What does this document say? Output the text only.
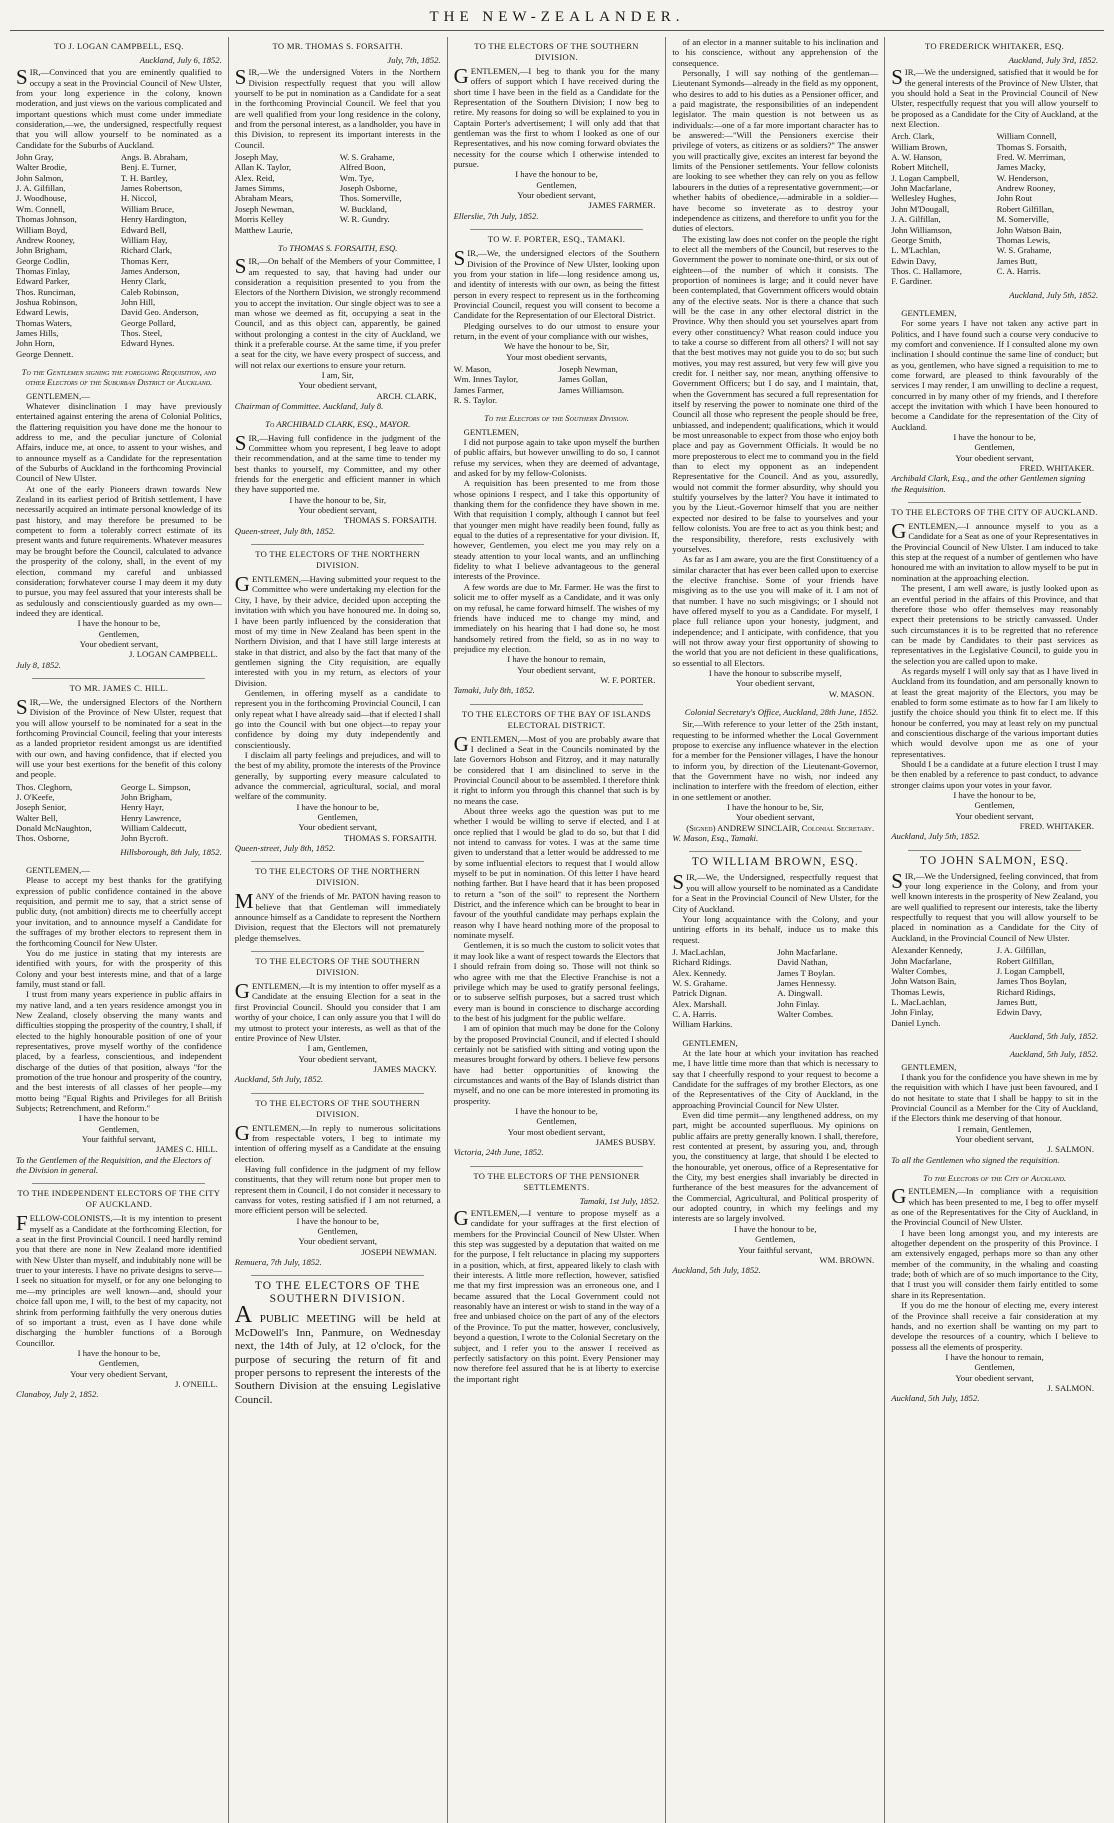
THE NEW-ZEALANDER.
TO J. LOGAN CAMPBELL, ESQ.
Auckland, July 6, 1852.

SIR,—Convinced that you are eminently qualified to occupy a seat in the Provincial Council of New Ulster, from your long experience in the colony, known moderation, and just views on the various complicated and important questions which must come under immediate consideration,—we, the undersigned, respectfully request that you will allow yourself to be nominated as a Candidate for the Suburbs of Auckland.

John Gray,	Angs. B. Abraham,
Walter Brodie,	Benj. E. Turner,
John Salmon,	T. H. Bartley,
J. A. Gilfillan,	James Robertson,
J. Woodhouse,	H. Niccol,
Wm. Connell,	William Bruce,
Thomas Johnson,	Henry Hardington,
William Boyd,	Edward Bell,
Andrew Rooney,	William Hay,
John Brigham,	Richard Clark,
George Codlin,	Thomas Kerr,
Thomas Finlay,	James Anderson,
Edward Parker,	Henry Clark,
Thos. Runciman,	Caleb Robinson,
Joshua Robinson,	John Hill,
Edward Lewis,	David Geo. Anderson,
Thomas Waters,	George Pollard,
James Hills,	Thos. Steel,
John Horn,	Edward Hynes.
George Dennett.
To the Gentlemen signing the foregoing Requisition, and other Electors of the Suburban District of Auckland.

GENTLEMEN,—

Whatever disinclination I may have previously entertained against entering the arena of Colonial Politics, the flattering requisition you have done me the honour to address to me, and the peculiar juncture of Colonial Affairs, induce me, at once, to assent to your wishes, and to announce myself as a Candidate for the representation of the Suburbs of Auckland in the forthcoming Provincial Council of New Ulster.

At one of the early Pioneers drawn towards New Zealand in its earliest period of British settlement, I have necessarily acquired an intimate personal knowledge of its past history, and may therefore be presumed to be competent to form a tolerably correct estimate of its present wants and future requirements. Whatever measures may be brought before the Council, calculated to advance the prosperity of the colony, shall, in the event of my election, command my careful and unbiassed consideration; forwhatever course I may deem it my duty to pursue, you may feel assured that your interests shall be as sedulously and conscientiously guarded as my own—indeed they are identical.

I have the honour to be,
Gentlemen,
Your obedient servant,
J. LOGAN CAMPBELL.
July 8, 1852.
TO MR. JAMES C. HILL.

SIR,—We, the undersigned Electors of the Northern Division of the Province of New Ulster, request that you will allow yourself to be nominated for a seat in the forthcoming Provincial Council, feeling that your interests as a landed proprietor resident amongst us are identified with our own, and having confidence, that if elected you will use your best exertions for the benefit of this colony and people.

Thos. Cleghorn,	George L. Simpson,
J. O'Keefe,	John Brigham,
Joseph Senior,	Henry Hayr,
Walter Bell,	Henry Lawrence,
Donald McNaughton,	William Caldecutt,
Thos. Osborne,	John Bycroft.
Hillsborough, 8th July, 1852.

GENTLEMEN,—

Please to accept my best thanks for the gratifying expression of public confidence contained in the above requisition, and permit me to say, that a strict sense of public duty, (not ambition) directs me to cheerfully accept your invitation, and to announce myself a Candidate for the suffrages of my brother electors to represent them in the forthcoming Council for New Ulster.

You do me justice in stating that my interests are identified with yours, for with the prosperity of this Colony and your best interests mine, and that of a large family, must stand or fall.

I trust from many years experience in public affairs in my native land, and a ten years residence amongst you in New Zealand, closely observing the many wants and difficulties stopping the prosperity of the country, I shall, if elected to the highly honourable position of one of your representatives, prove myself worthy of the confidence placed, by a fearless, conscientious, and independent discharge of the duties of that position, always "for the promotion of the true honour and prosperity of the country, and the best interests of all classes of her people—my motto being "Equal Rights and Privileges for all British Subjects; Retrenchment, and Reform."

I have the honour to be
Gentlemen,
Your faithful servant,
JAMES C. HILL.
To the Gentlemen of the Requisition, and the Electors of the Division in general.
TO THE INDEPENDENT ELECTORS OF THE CITY OF AUCKLAND.

FELLOW-COLONISTS,—It is my intention to present myself as a Candidate at the forthcoming Election, for a seat in the first Provincial Council. I need hardly remind you that there are none in New Zealand more identified with New Ulster than myself, and indubitably none will be truer to your interests. I have no private designs to serve—I seek no situation for myself, or for any one belonging to me—my principles are well known—and, should your choice fall upon me, I will, to the best of my capacity, not shrink from performing faithfully the very onerous duties of so important a trust, even as I have done while discharging the humbler functions of a Borough Councillor.

I have the honour to be,
Gentlemen,
Your very obedient Servant,
J. O'NEILL.
Clanaboy, July 2, 1852.
TO MR. THOMAS S. FORSAITH.
July, 7th, 1852.

SIR,—We the undersigned Voters in the Northern Division respectfully request that you will allow yourself to be put in nomination as a Candidate for a seat in the forthcoming Provincial Council. We feel that you are well qualified from your long residence in the colony, and from the personal interest, as a landholder, you have in this Division, to represent its important interests in the Council.

Joseph May,	W. S. Grahame,
Allan K. Taylor,	Alfred Boon,
Alex. Reid,	Wm. Tye,
James Simms,	Joseph Osborne,
Abraham Mears,	Thos. Somerville,
Joseph Newman,	W. Buckland,
Morris Kelley	W. R. Gundry.
Matthew Laurie,
To THOMAS S. FORSAITH, ESQ.

SIR,—On behalf of the Members of your Committee, I am requested to say, that having had under our consideration a requisition presented to you from the Electors of the Northern Division, we strongly recommend you to accept the invitation. Our single object was to see a man whose we deemed as fit, occupying a seat in the Council, and as this object can, apparently, be gained without prolonging a contest in the city of Auckland, we think it a preferable course. At the same time, if you prefer a seat for the city, we have every prospect of success, and will not relax our exertions to ensure your return.

I am, Sir,
Your obedient servant,
ARCH. CLARK,
Chairman of Committee. Auckland, July 8.
To ARCHIBALD CLARK, ESQ., MAYOR.

SIR,—Having full confidence in the judgment of the Committee whom you represent, I beg leave to adopt their recommendation, and at the same time to tender my best thanks to yourself, my Committee, and my other friends for the energetic and efficient manner in which they have supported me.

I have the honour to be, Sir,
Your obedient servant,
THOMAS S. FORSAITH.
Queen-street, July 8th, 1852.
TO THE ELECTORS OF THE NORTHERN DIVISION.

GENTLEMEN,—Having submitted your request to the Committee who were undertaking my election for the City, I have, by their advice, decided upon accepting the invitation with which you have honoured me. In doing so, I have been partly influenced by the consideration that most of my time in New Zealand has been spent in the Northern Division, and that I have still large interests at stake in that district, and also by the fact that many of the gentlemen signing the City requisition, are equally interested with you in my return, as electors of your Division.

Gentlemen, in offering myself as a candidate to represent you in the forthcoming Provincial Council, I can only repeat what I have already said—that if elected I shall go into the Council with but one object—to repay your confidence by doing my duty independently and conscientiously.

I disclaim all party feelings and prejudices, and will to the best of my ability, promote the interests of the Province generally, by supporting every measure calculated to advance the commercial, agricultural, social, and moral welfare of the community.

I have the honour to be,
Gentlemen,
Your obedient servant,
THOMAS S. FORSAITH.
Queen-street, July 8th, 1852.
TO THE ELECTORS OF THE NORTHERN DIVISION.

MANY of the friends of Mr. PATON having reason to believe that that Gentleman will immediately announce himself as a Candidate to represent the Northern Division, request that the Electors will not prematurely pledge themselves.

TO THE ELECTORS OF THE SOUTHERN DIVISION.

GENTLEMEN,—It is my intention to offer myself as a Candidate at the ensuing Election for a seat in the first Provincial Council. Should you consider that I am worthy of your choice, I can only assure you that I will do my utmost to protect your interests, as well as that of the entire Province of New Ulster.

I am, Gentlemen,
Your obedient servant,
JAMES MACKY.
Auckland, 5th July, 1852.
TO THE ELECTORS OF THE SOUTHERN DIVISION.

GENTLEMEN,—In reply to numerous solicitations from respectable voters, I beg to intimate my intention of offering myself as a Candidate at the ensuing election.

Having full confidence in the judgment of my fellow constituents, that they will return none but proper men to represent them in Council, I do not consider it necessary to canvass for votes, resting satisfied if I am not returned, a more efficient person will be selected.

I have the honour to be,
Gentlemen,
Your obedient servant,
JOSEPH NEWMAN.
Remuera, 7th July, 1852.
TO THE ELECTORS OF THE SOUTHERN DIVISION.

A PUBLIC MEETING will be held at McDowell's Inn, Panmure, on Wednesday next, the 14th of July, at 12 o'clock, for the purpose of securing the return of fit and proper persons to represent the interests of the Southern Division at the ensuing Legislative Council.

TO THE ELECTORS OF THE SOUTHERN DIVISION.

GENTLEMEN,—I beg to thank you for the many offers of support which I have received during the short time I have been in the field as a Candidate for the Representation of the Southern Division; I now beg to retire. My reasons for doing so will be explained to you in Captain Porter's advertisement; I will only add that that gentleman was the first to whom I looked as one of our Representatives, and his now coming forward obviates the necessity for the course which I otherwise intended to pursue.

I have the honour to be,
Gentlemen,
Your obedient servant,
JAMES FARMER.
Ellerslie, 7th July, 1852.
TO W. F. PORTER, ESQ., TAMAKI.

SIR,—We, the undersigned electors of the Southern Division of the Province of New Ulster, looking upon you from your station in life—long residence among us, and identity of interests with our own, as being the fittest person in every respect to represent us in the forthcoming Provincial Council, request you will consent to become a Candidate for the Representation of our Electoral District.

Pledging ourselves to do our utmost to ensure your return, in the event of your compliance with our wishes,

We have the honour to be, Sir,
Your most obedient servants,
W. Mason,	Joseph Newman,
Wm. Innes Taylor,	James Gollan,
James Farmer,	James Williamson.
R. S. Taylor.
To the Electors of the Southern Division.

GENTLEMEN,

I did not purpose again to take upon myself the burthen of public affairs, but however unwilling to do so, I cannot refuse my services, when they are deemed of advantage, and asked for by my fellow-Colonists.

A requisition has been presented to me from those whose opinions I respect, and I take this opportunity of thanking them for the confidence they have shown in me. With that requisition I comply, although I cannot but feel that younger men might have readily been found, fully as equal to the duties of a representative for your division. If, however, Gentlemen, you elect me you may rely on a steady attention to your local wants, and an unflinching fidelity to what I believe advantageous to the general interests of the Province.

A few words are due to Mr. Farmer. He was the first to solicit me to offer myself as a Candidate, and it was only on my refusal, he came forward himself. The wishes of my friends have induced me to change my mind, and immediately on his hearing that I had done so, he most handsomely retired from the field, so as in no way to prejudice my election.

I have the honour to remain,
Your obedient servant,
W. F. PORTER.
Tamaki, July 8th, 1852.
TO THE ELECTORS OF THE BAY OF ISLANDS ELECTORAL DISTRICT.

GENTLEMEN,—Most of you are probably aware that I declined a Seat in the Councils nominated by the late Governors Hobson and Fitzroy, and it may naturally be considered that I am disinclined to serve in the Provincial Council about to be assembled. I therefore think it right to inform you through this channel that such is by no means the case.

About three weeks ago the question was put to me whether I would be willing to serve if elected, and I at once replied that I would be glad to do so, but that I did not intend to canvass for votes. I was at the same time given to understand that a letter would be addressed to me by some influential electors to request that I would allow myself to be put in nomination. Of this letter I have heard nothing farther. But I have heard that it has been proposed to return a "son of the soil" to represent the Northern District, and the inference which can be brought to bear in favour of the youthful candidate may perhaps explain the reason why I have heard nothing more of the proposal to nominate myself.

Gentlemen, it is so much the custom to solicit votes that it may look like a want of respect towards the Electors that I should refrain from doing so. Those will not think so who agree with me that the Elective Franchise is not a privilege which may be used to gratify personal feelings, or to subserve selfish purposes, but a sacred trust which every man is bound in conscience to discharge according to the best of his judgment for the public welfare.

I am of opinion that much may be done for the Colony by the proposed Provincial Council, and if elected I should certainly not be satisfied with sitting and voting upon the measures brought forward by others. I believe few persons have had better opportunities of knowing the circumstances and wants of the Bay of Islands district than myself, and no one can be more interested in promoting its prosperity.

I have the honour to be,
Gentlemen,
Your most obedient servant,
JAMES BUSBY.
Victoria, 24th June, 1852.
TO THE ELECTORS OF THE PENSIONER SETTLEMENTS.
Tamaki, 1st July, 1852.

GENTLEMEN,—I venture to propose myself as a candidate for your suffrages at the first election of members for the Provincial Council of New Ulster. When this step was suggested by a deputation that waited on me for the purpose, I felt reluctance in placing my supporters in a position, which, at first, appeared likely to clash with their interests. A little more reflection, however, satisfied me that my first impression was an erroneous one, and I became assured that the Local Government could not reasonably have an interest or wish to stand in the way of a free and unbiased choice on the part of any of the electors of the Province. To put the matter, however, conclusively, beyond a question, I wrote to the Colonial Secretary on the subject, and I refer you to the answer I received as perfectly satisfactory on this point. Every Pensioner may now therefore feel assured that he is at liberty to exercise the important right

of an elector in a manner suitable to his inclination and to his conscience, without any apprehension of the consequence.

Personally, I will say nothing of the gentleman—Lieutenant Symonds—already in the field as my opponent, who desires to add to his duties as a Pensioner officer, and a paid magistrate, the responsibilities of an independent legislator. The main question is not between us as individuals:—one of a far more important character has to be answered:—"Will the Pensioners exercise their privilege of voters, as citizens or as soldiers?" The answer you will practically give, excites an interest far beyond the limits of the Pensioner settlements. Your fellow colonists are looking to see whether they can rely on you as fellow labourers in the duties of a representative government;—or whether habits of obedience,—admirable in a soldier—have become so inveterate as to destroy your independence as citizens, and therefore to unfit you for the duties of electors.

The existing law does not confer on the people the right to elect all the members of the Council, but reserves to the Government the power to nominate one-third, or six out of eighteen—of the number of which it consists. The proportion of nominees is large; and it could never have been contemplated, that Government officers would obtain any of the elective seats. Nor is there a chance that such will be the case in any other electoral district in the Province. Why then should you set yourselves apart from every other constituency? What reason could induce you to take a course so different from all others? I will not say that the best motives may not guide you to do so; but such motives, you may rest assured, but very few will give you credit for. I neither say, nor mean, anything offensive to Government Officers; but I do say, and I maintain, that, when the Government has secured a full representation for itself by reserving the power to nominate one third of the Council all those who represent the people should be free, unbiassed, and independent; qualifications, which it would be most unreasonable to expect from those who enjoy both place and pay as Government Officials. It would be no more preposterous to elect me to command you in the field than to elect my opponent as an independent Representative for the Council. And as you, assuredly, would not commit the former absurdity, why should you stultify yourselves by the latter? You have it intimated to you by the Lieut.-Governor himself that you are neither expected nor desired to be false to yourselves and your fellow colonists. You are free to act as you think best; and the responsibility, therefore, rests exclusively with yourselves.

As far as I am aware, you are the first Constituency of a similar character that has ever been called upon to exercise the elective franchise. Some of your friends have misgiving as to the use you will make of it. I am not of that number. I have no such misgivings; or I should not have offered myself to you as a Candidate. For myself, I place full reliance upon your honesty, judgment, and independence; and I anticipate, with confidence, that you will not throw away your first opportunity of showing to the world that you are not deficient in these qualifications, so essential to all Electors.

I have the honour to subscribe myself,
Your obedient servant,
W. MASON.
Colonial Secretary's Office, Auckland, 28th June, 1852.

Sir,—With reference to your letter of the 25th instant, requesting to be informed whether the Local Government propose to exercise any influence whatever in the election for a member for the Pensioner villages, I have the honour to inform you, by direction of the Lieutenant-Governor, that the Government have no wish, nor indeed any inclination to interfere with the freedom of election, either in one settlement or another.

I have the honour to be, Sir,
Your obedient servant,
(Signed) ANDREW SINCLAIR, Colonial Secretary.
W. Mason, Esq., Tamaki.
TO WILLIAM BROWN, ESQ.

SIR,—We, the Undersigned, respectfully request that you will allow yourself to be nominated as a Candidate for a Seat in the Provincial Council of New Ulster, for the City of Auckland.

Your long acquaintance with the Colony, and your untiring efforts in its behalf, induce us to make this request.

J. MacLachlan,	John Macfarlane.
Richard Ridings.	David Nathan,
Alex. Kennedy.	James T Boylan.
W. S. Grahame.	James Hennessy.
Patrick Dignan.	A. Dingwall.
Alex. Marshall.	John Finlay.
C. A. Harris.	Walter Combes.
William Harkins.

GENTLEMEN,

At the late hour at which your invitation has reached me, I have little time more than that which is necessary to say that I cheerfully respond to your request to become a Candidate for the suffrages of my brother Electors, as one of the Representatives of the City of Auckland, in the approaching Provincial Council for New Ulster.

Even did time permit—any lengthened address, on my part, might be accounted superfluous. My opinions on public affairs are pretty generally known. I shall, therefore, rest contented at present, by assuring you, and, through you, the constituency at large, that should I be elected to the honourable, yet onerous, office of a Representative for the City, my best energies shall invariably be directed in furtherance of the best measures for the advancement of the Commercial, Agricultural, and Political prosperity of our adopted country, in which my feelings and my interests are so largely involved.

I have the honour to be,
Gentlemen,
Your faithful servant,
WM. BROWN.
Auckland, 5th July, 1852.
TO FREDERICK WHITAKER, ESQ.
Auckland, July 3rd, 1852.

SIR,—We the undersigned, satisfied that it would be for the general interests of the Province of New Ulster, that you should hold a Seat in the Provincial Council of New Ulster, respectfully request that you will allow yourself to be proposed as a Candidate for the City of Auckland, at the next Election.

Arch. Clark,	William Connell,
William Brown,	Thomas S. Forsaith,
A. W. Hanson,	Fred. W. Merriman,
Robert Mitchell,	James Macky,
J. Logan Campbell,	W. Henderson,
John Macfarlane,	Andrew Rooney,
Wellesley Hughes,	John Rout
John M'Dougall,	Robert Gilfillan,
J. A. Gilfillan,	M. Somerville,
John Williamson,	John Watson Bain,
George Smith,	Thomas Lewis,
L. M'Lachlan,	W. S. Grahame,
Edwin Davy,	James Butt,
Thos. C. Hallamore,	C. A. Harris.
F. Gardiner.
Auckland, July 5th, 1852.

GENTLEMEN,

For some years I have not taken any active part in Politics, and I have found such a course very conducive to my comfort and convenience. If I consulted alone my own inclination I should continue the same line of conduct; but as you, gentlemen, who have signed a requisition to me to come forward, are pleased to think favourably of the services I may render, I am unwilling to decline a request, concurred in by many other of my friends, and I therefore accept the invitation with which I have been honoured to become a Candidate for the representation of the City of Auckland.

I have the honour to be,
Gentlemen,
Your obedient servant,
FRED. WHITAKER.
Archibald Clark, Esq., and the other Gentlemen signing the Requisition.
TO THE ELECTORS OF THE CITY OF AUCKLAND.

GENTLEMEN,—I announce myself to you as a Candidate for a Seat as one of your Representatives in the Provincial Council of New Ulster. I am induced to take this step at the request of a number of gentlemen who have honoured me with an invitation to allow myself to be put in nomination at the approaching election.

The present, I am well aware, is justly looked upon as an eventful period in the affairs of this Province, and that therefore those who offer themselves may reasonably expect their pretensions to be strictly canvassed. Under such circumstances it is to be regretted that no reference can be made by Candidates to their past services as representatives in the Legislative Council, to guide you in the selection you are called upon to make.

As regards myself I will only say that as I have lived in Auckland from its foundation, and am personally known to at least the great majority of the Electors, you may be enabled to form some estimate as to how far I am likely to justify the choice should you think fit to elect me. If this honour be conferred, you may at least rely on my punctual and conscientious discharge of the various important duties which would devolve upon me as one of your representatives.

Should I be a candidate at a future election I trust I may be then enabled by a reference to past conduct, to advance stronger claims upon your votes in your favor.

I have the honour to be,
Gentlemen,
Your obedient servant,
FRED. WHITAKER.
Auckland, July 5th, 1852.
TO JOHN SALMON, ESQ.

SIR,—We the Undersigned, feeling convinced, that from your long experience in the Colony, and from your well known interests in the prosperity of New Zealand, you are well qualified to represent our interests, take the liberty respectfully to request that you will allow yourself to be placed in nomination as a Candidate for the City of Auckland, in the Provincial Council of New Ulster.

Alexander Kennedy,	J. A. Gilfillan,
John Macfarlane,	Robert Gilfillan,
Walter Combes,	J. Logan Campbell,
John Watson Bain,	James Thos Boylan,
Thomas Lewis,	Richard Ridings,
L. MacLachlan,	James Butt,
John Finlay,	Edwin Davy,
Daniel Lynch.
Auckland, 5th July, 1852.
Auckland, 5th July, 1852.

GENTLEMEN,

I thank you for the confidence you have shewn in me by the requisition with which I have just been favoured, and I do not hesitate to state that I shall be happy to sit in the Provincial Council as a Member for the City of Auckland, if the Electors think me deserving of that honour.

I remain, Gentlemen,
Your obedient servant,
J. SALMON.
To all the Gentlemen who signed the requisition.
To the Electors of the City of Auckland.

GENTLEMEN,—In compliance with a requisition which has been presented to me, I beg to offer myself as one of the Representatives for the City of Auckland, in the Provincial Council of New Ulster.

I have been long amongst you, and my interests are altogether dependent on the prosperity of this Province. I am extensively engaged, perhaps more so than any other member of the community, in the whaling and coasting trade; both of which are of so much importance to the City, that I trust you will consider them fairly entitled to some share in its Representation.

If you do me the honour of electing me, every interest of the Province shall receive a fair consideration at my hands, and no exertion shall be wanting on my part to develope the resources of a country, which I believe to possess all the elements of prosperity.

I have the honour to remain,
Gentlemen,
Your obedient servant,
J. SALMON.
Auckland, 5th July, 1852.
